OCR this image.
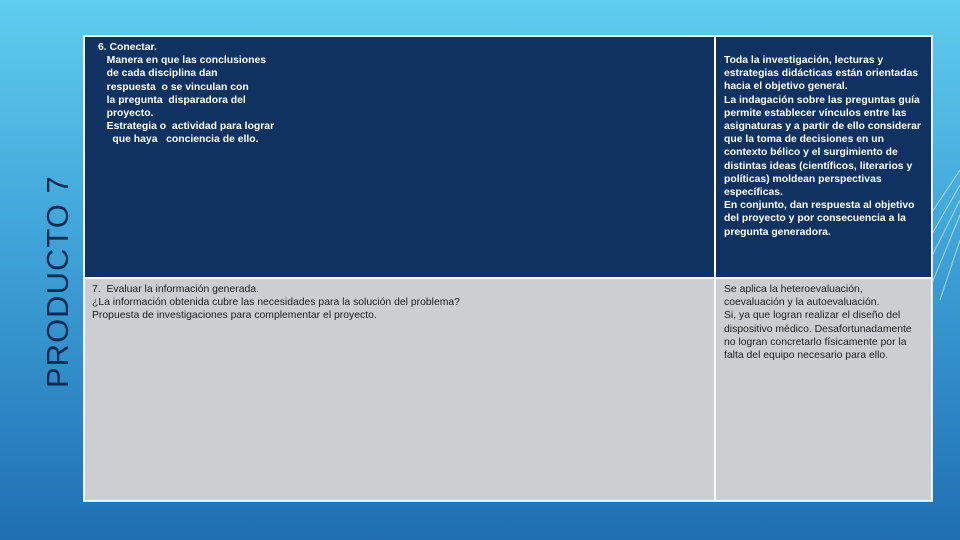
PRODUCTO 7
6. Conectar.
Manera en que las conclusiones
de cada disciplina dan
respuesta  o se vinculan con
la pregunta  disparadora del
proyecto.
Estrategia o  actividad para lograr
que haya   conciencia de ello.
Toda la investigación, lecturas y estrategias didácticas están orientadas hacia el objetivo general.
La indagación sobre las preguntas guía permite establecer vínculos entre las asignaturas y a partir de ello considerar que la toma de decisiones en un contexto bélico y el surgimiento de distintas ideas (científicos, literarios y políticas) moldean perspectivas específicas.
En conjunto, dan respuesta al objetivo del proyecto y por consecuencia a la pregunta generadora.
7.  Evaluar la información generada.
¿La información obtenida cubre las necesidades para la solución del problema?
Propuesta de investigaciones para complementar el proyecto.
Se aplica la heteroevaluación, coevaluación y la autoevaluación.
Si, ya que logran realizar el diseño del dispositivo médico. Desafortunadamente no logran concretarlo físicamente por la falta del equipo necesario para ello.
